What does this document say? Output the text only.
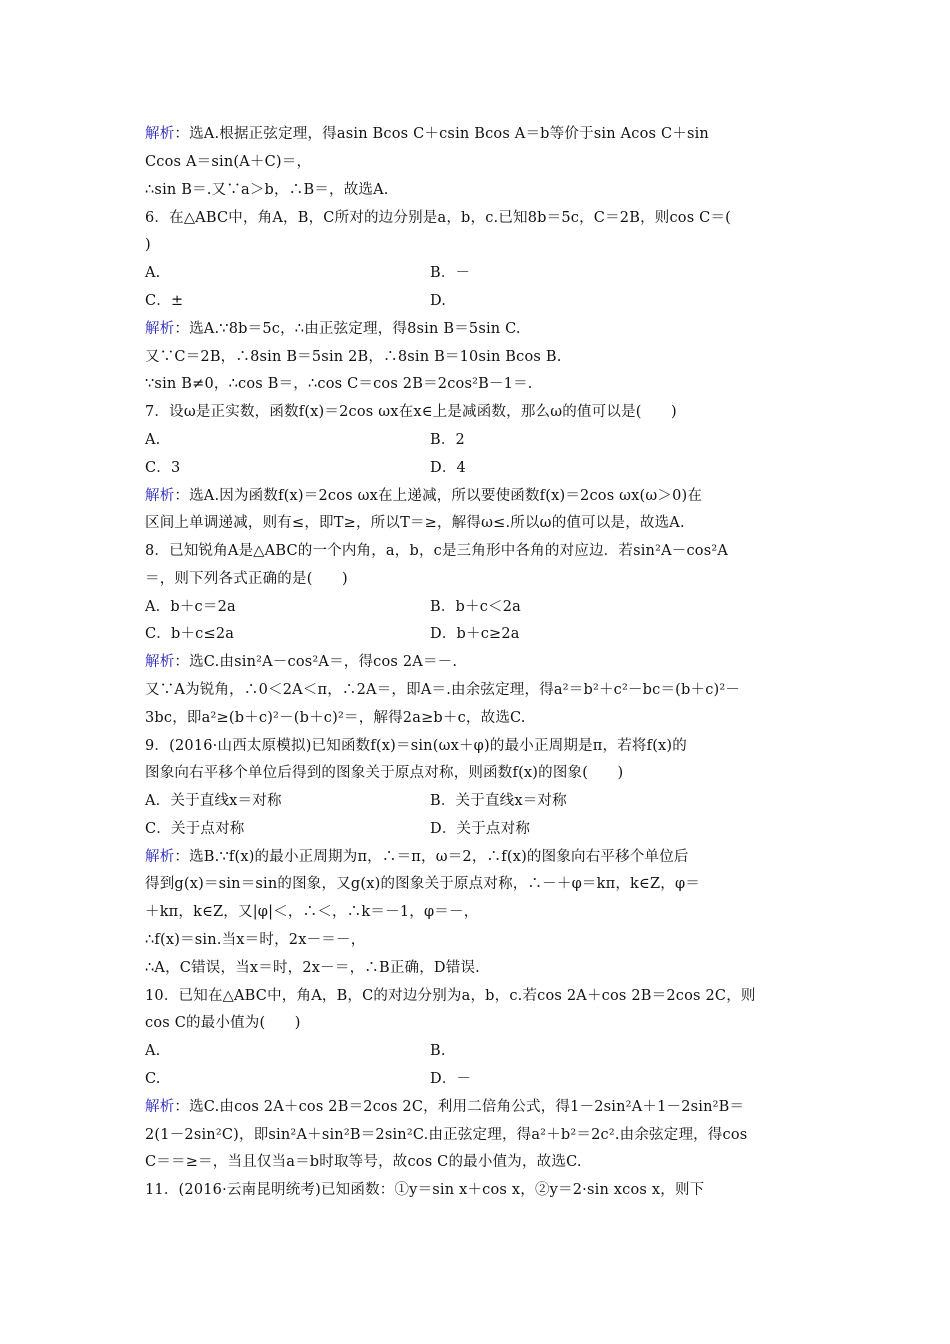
解析：选A.根据正弦定理，得asin Bcos C＋csin Bcos A＝b等价于sin Acos C＋sin
Ccos A＝sin(A＋C)＝，
∴sin B＝.又∵a＞b，∴B＝，故选A.
6．在△ABC中，角A，B，C所对的边分别是a，b，c.已知8b＝5c，C＝2B，则cos C＝(
)
A.	B．－
C．±	D.
解析：选A.∵8b＝5c，∴由正弦定理，得8sin B＝5sin C.
又∵C＝2B，∴8sin B＝5sin 2B，∴8sin B＝10sin Bcos B.
∵sin B≠0，∴cos B＝，∴cos C＝cos 2B＝2cos²B－1＝.
7．设ω是正实数，函数f(x)＝2cos ωx在x∈上是减函数，那么ω的值可以是(　　)
A.	B．2
C．3	D．4
解析：选A.因为函数f(x)＝2cos ωx在上递减，所以要使函数f(x)＝2cos ωx(ω＞0)在
区间上单调递减，则有≤，即T≥，所以T＝≥，解得ω≤.所以ω的值可以是，故选A.
8．已知锐角A是△ABC的一个内角，a，b，c是三角形中各角的对应边．若sin²A－cos²A
＝，则下列各式正确的是(　　)
A．b＋c＝2a	B．b＋c＜2a
C．b＋c≤2a	D．b＋c≥2a
解析：选C.由sin²A－cos²A＝，得cos 2A＝－.
又∵A为锐角，∴0＜2A＜π，∴2A＝，即A＝.由余弦定理，得a²＝b²＋c²－bc＝(b＋c)²－
3bc，即a²≥(b＋c)²－(b＋c)²＝，解得2a≥b＋c，故选C.
9．(2016·山西太原模拟)已知函数f(x)＝sin(ωx＋φ)的最小正周期是π，若将f(x)的
图象向右平移个单位后得到的图象关于原点对称，则函数f(x)的图象(　　)
A．关于直线x＝对称	B．关于直线x＝对称
C．关于点对称	D．关于点对称
解析：选B.∵f(x)的最小正周期为π，∴＝π，ω＝2，∴f(x)的图象向右平移个单位后
得到g(x)＝sin＝sin的图象，又g(x)的图象关于原点对称，∴－＋φ＝kπ，k∈Z，φ＝
＋kπ，k∈Z，又|φ|＜，∴＜，∴k＝－1，φ＝－，
∴f(x)＝sin.当x＝时，2x－＝－，
∴A，C错误，当x＝时，2x－＝，∴B正确，D错误.
10．已知在△ABC中，角A，B，C的对边分别为a，b，c.若cos 2A＋cos 2B＝2cos 2C，则
cos C的最小值为(　　)
A.	B.
C.	D．－
解析：选C.由cos 2A＋cos 2B＝2cos 2C，利用二倍角公式，得1－2sin²A＋1－2sin²B＝
2(1－2sin²C)，即sin²A＋sin²B＝2sin²C.由正弦定理，得a²＋b²＝2c².由余弦定理，得cos
C＝＝≥＝，当且仅当a＝b时取等号，故cos C的最小值为，故选C.
11．(2016·云南昆明统考)已知函数：①y＝sin x＋cos x，②y＝2·sin xcos x，则下
